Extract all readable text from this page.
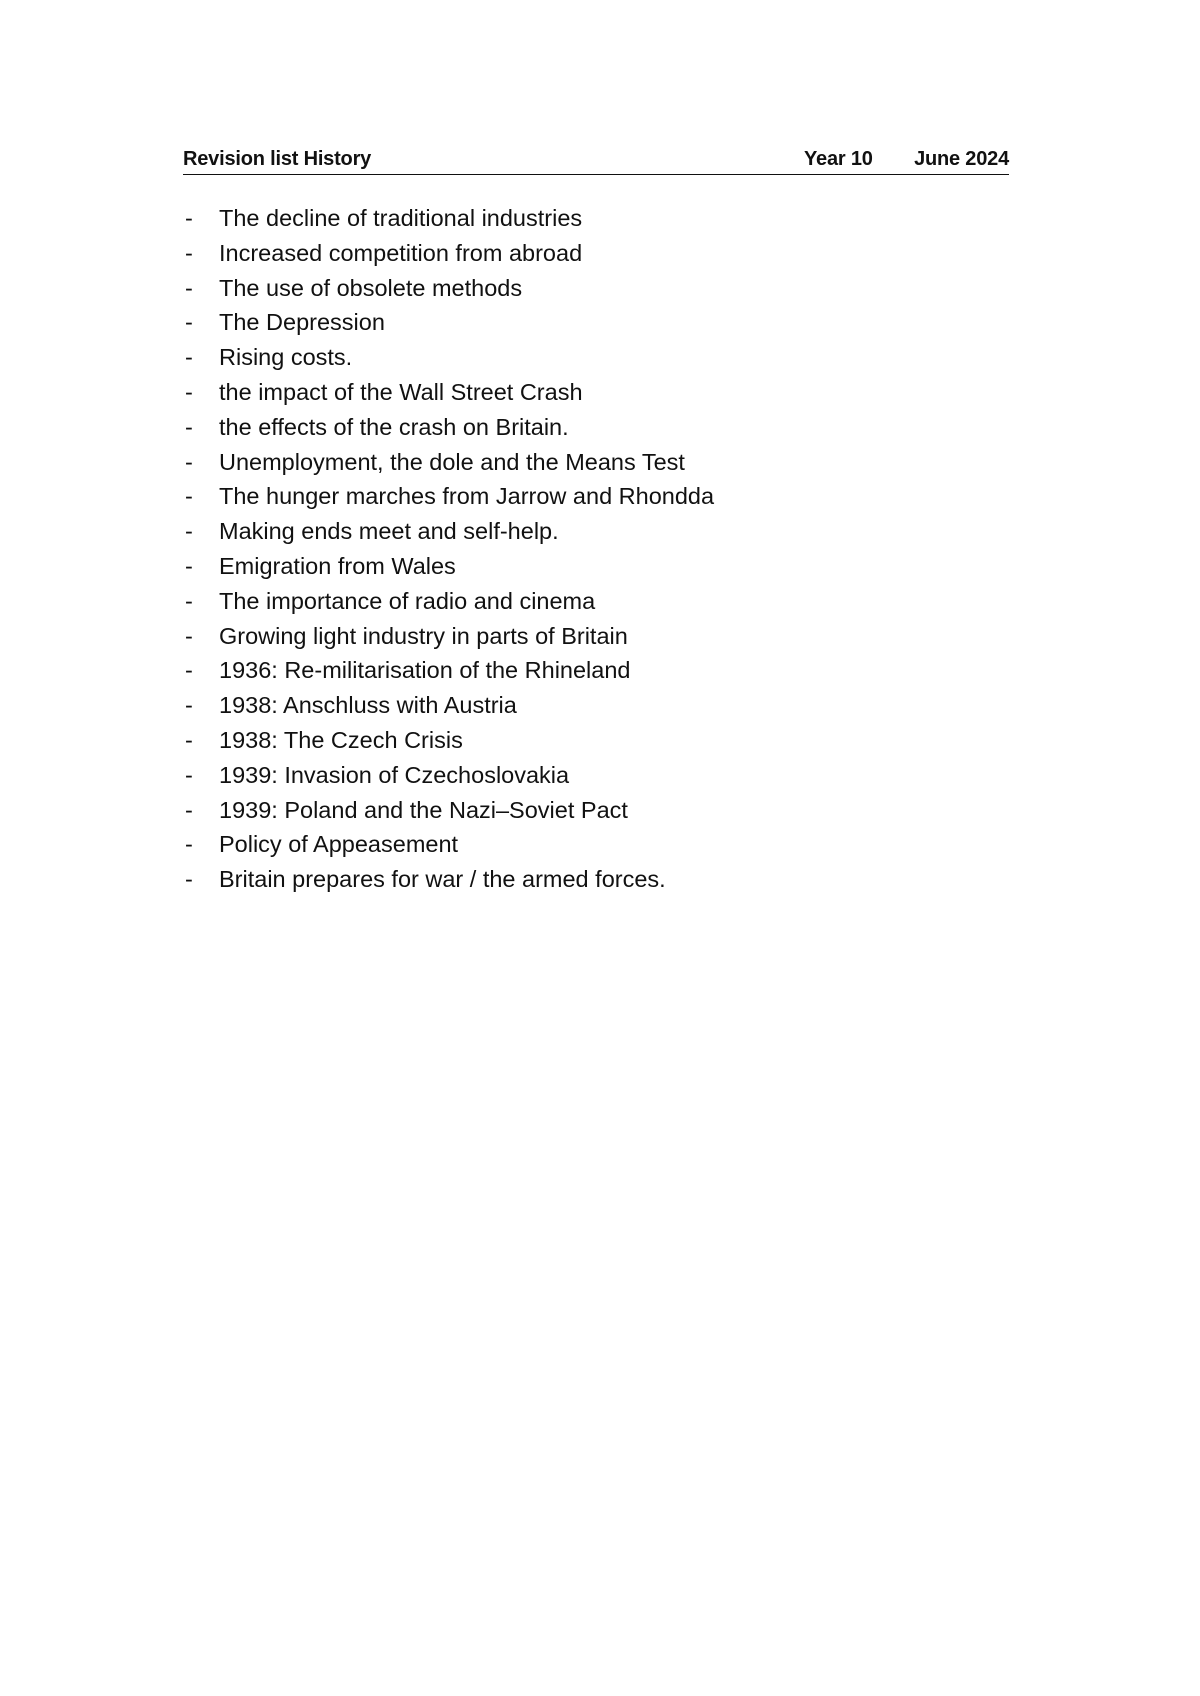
Revision list History	Year 10 June 2024
- The decline of traditional industries
- Increased competition from abroad
- The use of obsolete methods
- The Depression
- Rising costs.
- the impact of the Wall Street Crash
- the effects of the crash on Britain.
- Unemployment, the dole and the Means Test
- The hunger marches from Jarrow and Rhondda
- Making ends meet and self-help.
- Emigration from Wales
- The importance of radio and cinema
- Growing light industry in parts of Britain
- 1936: Re-militarisation of the Rhineland
- 1938: Anschluss with Austria
- 1938: The Czech Crisis
- 1939: Invasion of Czechoslovakia
- 1939: Poland and the Nazi–Soviet Pact
- Policy of Appeasement
- Britain prepares for war / the armed forces.
